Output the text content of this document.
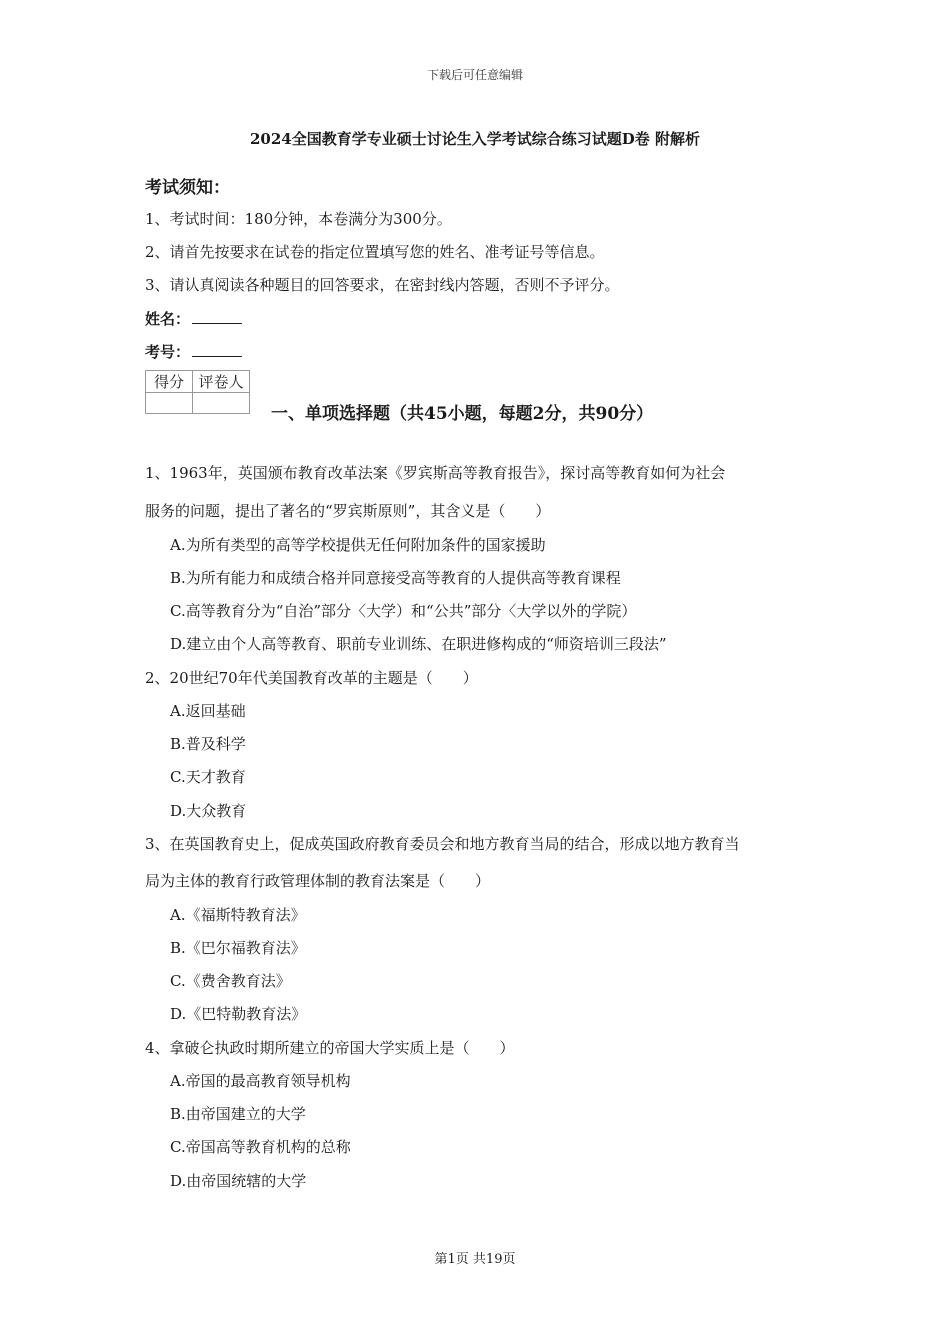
下载后可任意编辑
2024全国教育学专业硕士讨论生入学考试综合练习试题D卷 附解析
考试须知：
1、考试时间：180分钟，本卷满分为300分。
2、请首先按要求在试卷的指定位置填写您的姓名、准考证号等信息。
3、请认真阅读各种题目的回答要求，在密封线内答题，否则不予评分。
姓名：
考号：
得分	评卷人

一、单项选择题（共45小题，每题2分，共90分）
1、1963年，英国颁布教育改革法案《罗宾斯高等教育报告》，探讨高等教育如何为社会
服务的问题，提出了著名的“罗宾斯原则”，其含义是（　　）
A.为所有类型的高等学校提供无任何附加条件的国家援助
B.为所有能力和成绩合格并同意接受高等教育的人提供高等教育课程
C.高等教育分为“自治”部分〈大学）和“公共”部分〈大学以外的学院）
D.建立由个人高等教育、职前专业训练、在职进修构成的“师资培训三段法”
2、20世纪70年代美国教育改革的主题是（　　）
A.返回基础
B.普及科学
C.天才教育
D.大众教育
3、在英国教育史上，促成英国政府教育委员会和地方教育当局的结合，形成以地方教育当
局为主体的教育行政管理体制的教育法案是（　　）
A.《福斯特教育法》
B.《巴尔福教育法》
C.《费舍教育法》
D.《巴特勒教育法》
4、拿破仑执政时期所建立的帝国大学实质上是（　　）
A.帝国的最高教育领导机构
B.由帝国建立的大学
C.帝国高等教育机构的总称
D.由帝国统辖的大学
第1页 共19页
